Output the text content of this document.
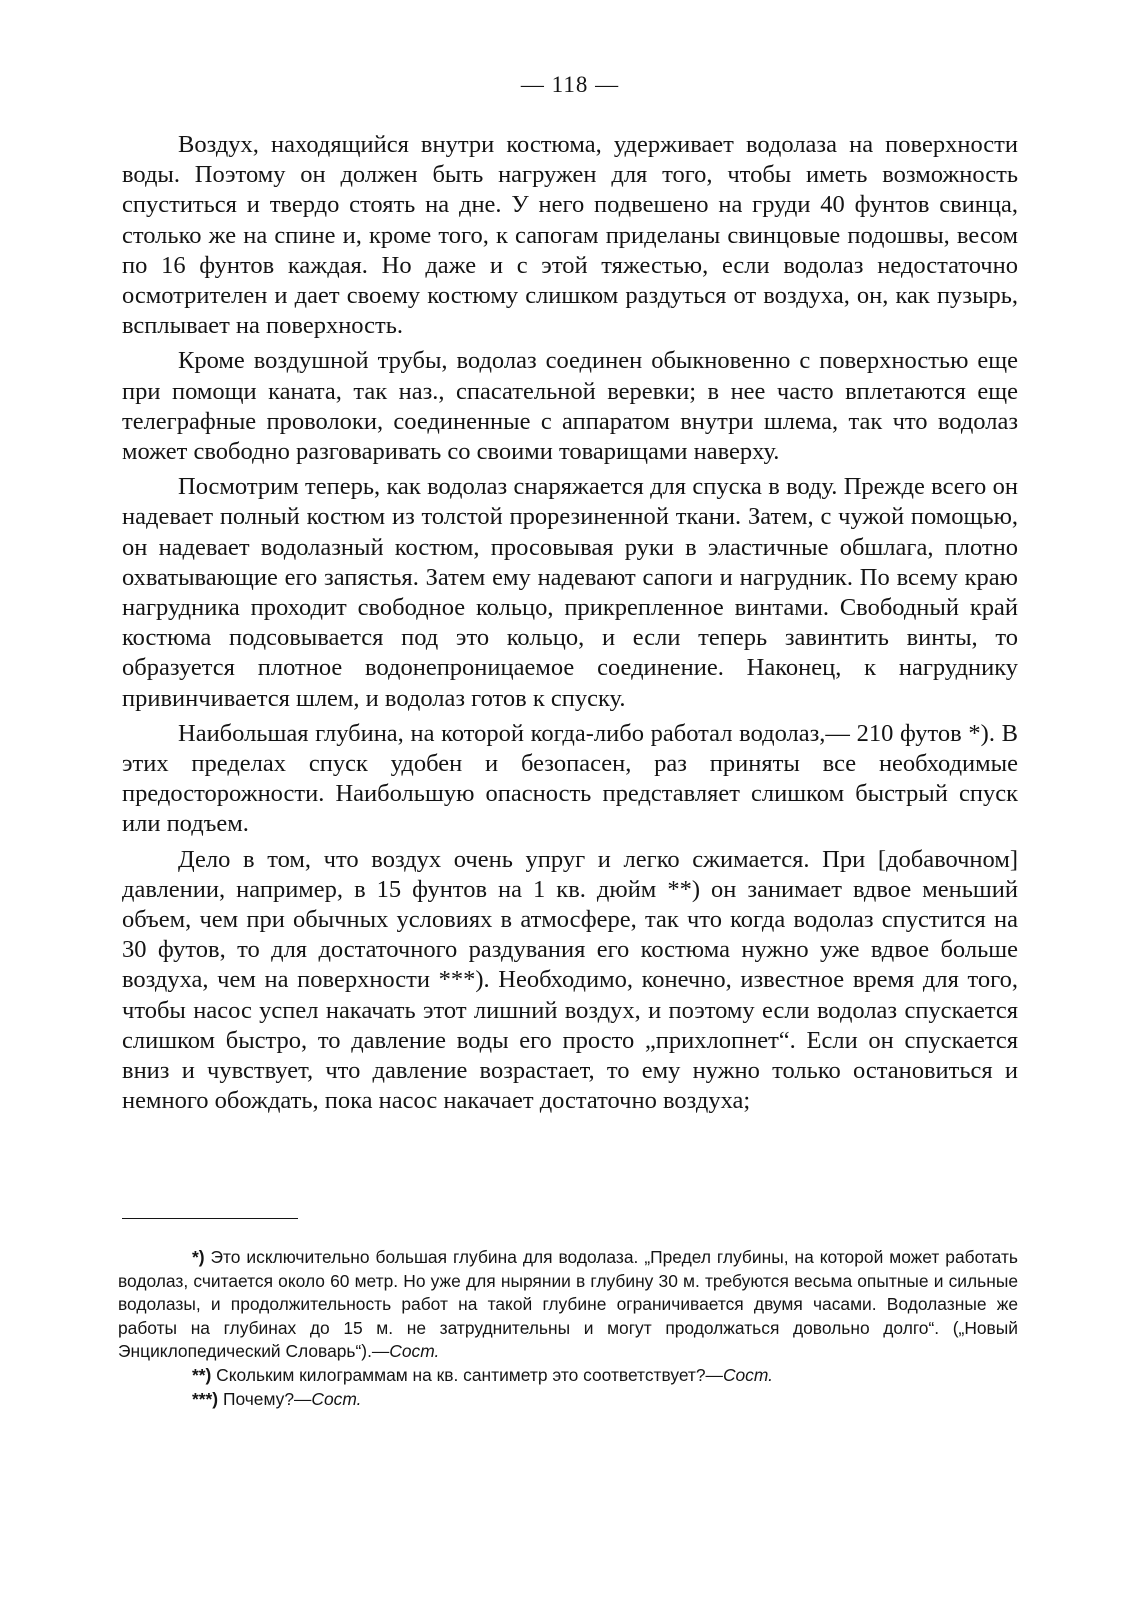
— 118 —

Воздух, находящийся внутри костюма, удерживает водолаза на поверхности воды. Поэтому он должен быть нагружен для того, чтобы иметь возможность спуститься и твердо стоять на дне. У него подвешено на груди 40 фунтов свинца, столько же на спине и, кроме того, к сапогам приделаны свинцовые подошвы, весом по 16 фунтов каждая. Но даже и с этой тяжестью, если водолаз недостаточно осмотрителен и дает своему костюму слишком раздуться от воздуха, он, как пузырь, всплывает на поверхность.

Кроме воздушной трубы, водолаз соединен обыкновенно с поверхностью еще при помощи каната, так наз., спасательной веревки; в нее часто вплетаются еще телеграфные проволоки, соединенные с аппаратом внутри шлема, так что водолаз может свободно разговаривать со своими товарищами наверху.

Посмотрим теперь, как водолаз снаряжается для спуска в воду. Прежде всего он надевает полный костюм из толстой прорезиненной ткани. Затем, с чужой помощью, он надевает водолазный костюм, просовывая руки в эластичные обшлага, плотно охватывающие его запястья. Затем ему надевают сапоги и нагрудник. По всему краю нагрудника проходит свободное кольцо, прикрепленное винтами. Свободный край костюма подсовывается под это кольцо, и если теперь завинтить винты, то образуется плотное водонепроницаемое соединение. Наконец, к нагруднику привинчивается шлем, и водолаз готов к спуску.

Наибольшая глубина, на которой когда-либо работал водолаз,— 210 футов *). В этих пределах спуск удобен и безопасен, раз приняты все необходимые предосторожности. Наибольшую опасность представляет слишком быстрый спуск или подъем.

Дело в том, что воздух очень упруг и легко сжимается. При [добавочном] давлении, например, в 15 фунтов на 1 кв. дюйм **) он занимает вдвое меньший объем, чем при обычных условиях в атмосфере, так что когда водолаз спустится на 30 футов, то для достаточного раздувания его костюма нужно уже вдвое больше воздуха, чем на поверхности ***). Необходимо, конечно, известное время для того, чтобы насос успел накачать этот лишний воздух, и поэтому если водолаз спускается слишком быстро, то давление воды его просто „прихлопнет“. Если он спускается вниз и чувствует, что давление возрастает, то ему нужно только остановиться и немного обождать, пока насос накачает достаточно воздуха;

*) Это исключительно большая глубина для водолаза. „Предел глубины, на которой может работать водолаз, считается около 60 метр. Но уже для нырянии в глубину 30 м. требуются весьма опытные и сильные водолазы, и продолжительность работ на такой глубине ограничивается двумя часами. Водолазные же работы на глубинах до 15 м. не затруднительны и могут продолжаться довольно долго“. („Новый Энциклопедический Словарь“).—Сост.

**) Скольким килограммам на кв. сантиметр это соответствует?—Сост.

***) Почему?—Сост.
